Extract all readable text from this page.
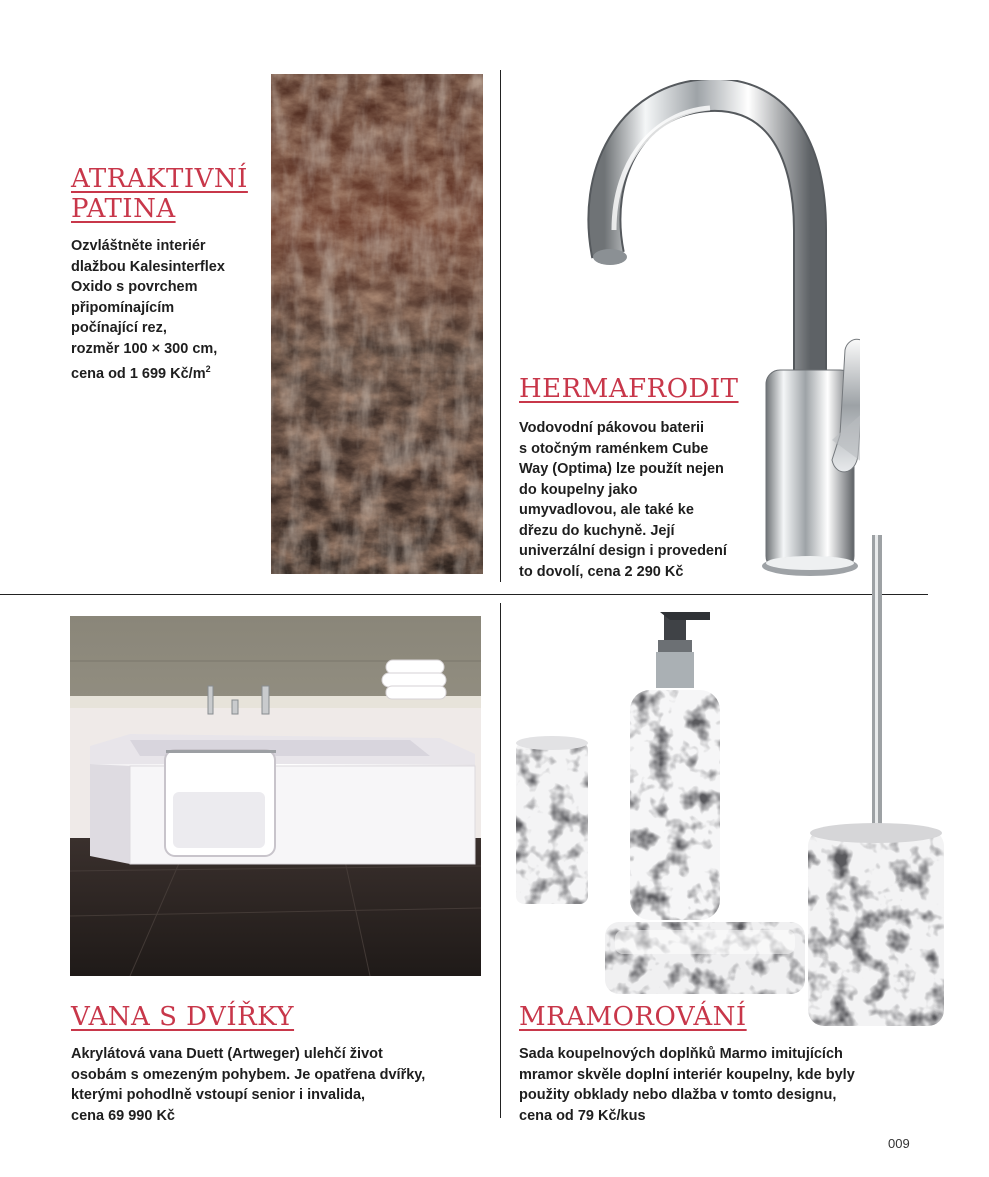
ATRAKTIVNÍ
PATINA

Ozvláštněte interiér
dlažbou Kalesinterflex
Oxido s povrchem
připomínajícím
počínající rez,
rozměr 100 × 300 cm,
cena od 1 699 $Kč/m^2$

HERMAFRODIT

Vodovodní pákovou baterii
s otočným raménkem Cube
Way (Optima) lze použít nejen
do koupelny jako
umyvadlovou, ale také ke
dřezu do kuchyně. Její
univerzální design i provedení
to dovolí, cena 2 290 Kč

VANA S DVÍŘKY

Akrylátová vana Duett (Artweger) ulehčí život
osobám s omezeným pohybem. Je opatřena dvířky,
kterými pohodlně vstoupí senior i invalida,
cena 69 990 Kč

MRAMOROVÁNÍ

Sada koupelnových doplňků Marmo imitujících
mramor skvěle doplní interiér koupelny, kde byly
použity obklady nebo dlažba v tomto designu,
cena od 79 Kč/kus

009
